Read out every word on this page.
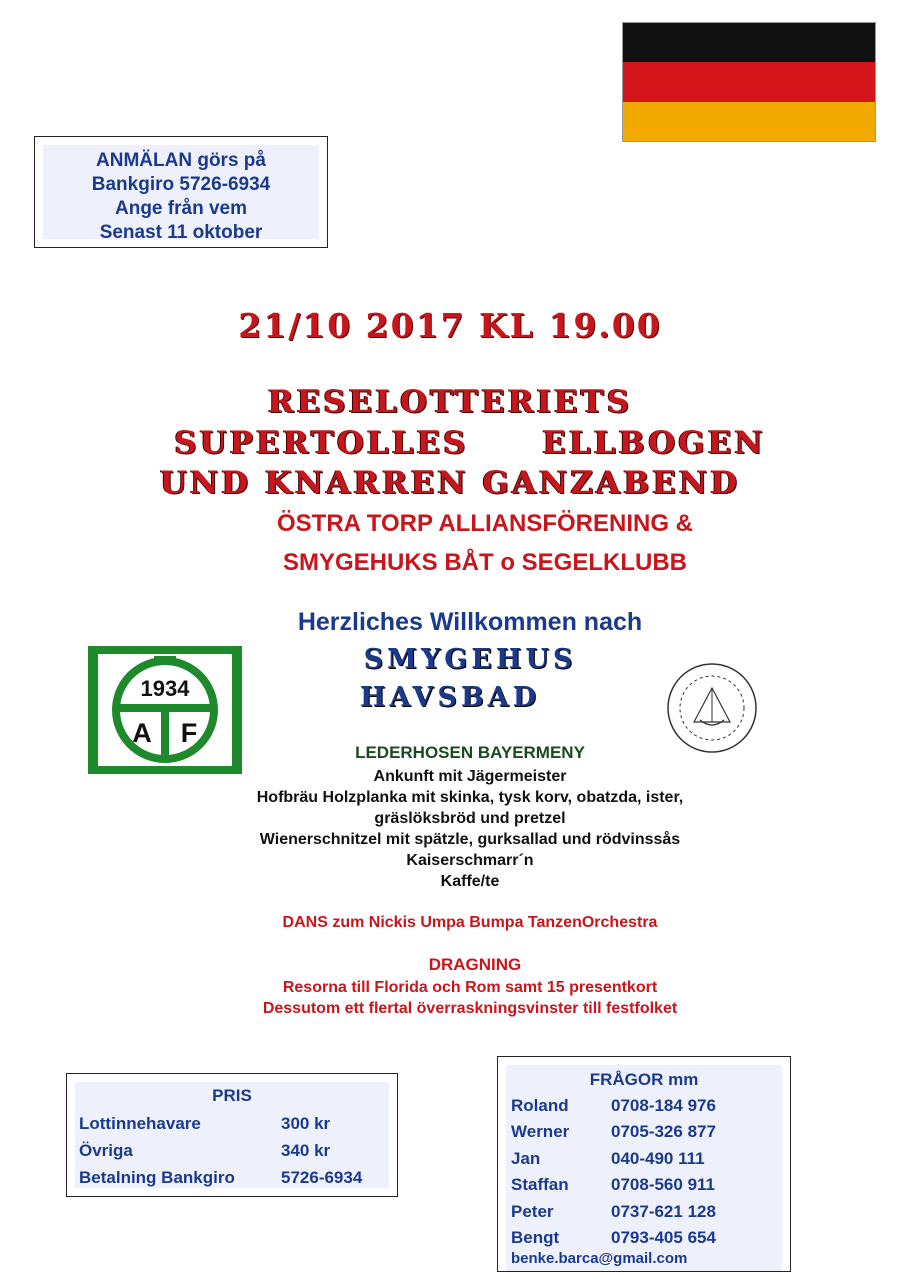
ANMÄLAN görs på
Bankgiro 5726-6934
Ange från vem
Senast 11 oktober
21/10 2017 KL 19.00
RESELOTTERIETS
SUPERTOLLES ELLBOGEN
UND KNARREN GANZABEND
ÖSTRA TORP ALLIANSFÖRENING &
SMYGEHUKS BÅT o SEGELKLUBB
Herzliches Willkommen nach
SMYGEHUS
HAVSBAD
1934
A F
LEDERHOSEN BAYERMENY
Ankunft mit Jägermeister
Hofbräu Holzplanka mit skinka, tysk korv, obatzda, ister,
gräslöksbröd und pretzel
Wienerschnitzel mit spätzle, gurksallad und rödvinssås
Kaiserschmarr´n
Kaffe/te
DANS zum Nickis Umpa Bumpa TanzenOrchestra
DRAGNING
Resorna till Florida och Rom samt 15 presentkort
Dessutom ett flertal överraskningsvinster till festfolket
PRIS
Lottinnehavare	300 kr
Övriga	340 kr
Betalning Bankgiro	5726-6934
FRÅGOR mm
Roland 0708-184 976
Werner 0705-326 877
Jan	040-490 111
Staffan 0708-560 911
Peter	0737-621 128
Bengt	0793-405 654
benke.barca@gmail.com
